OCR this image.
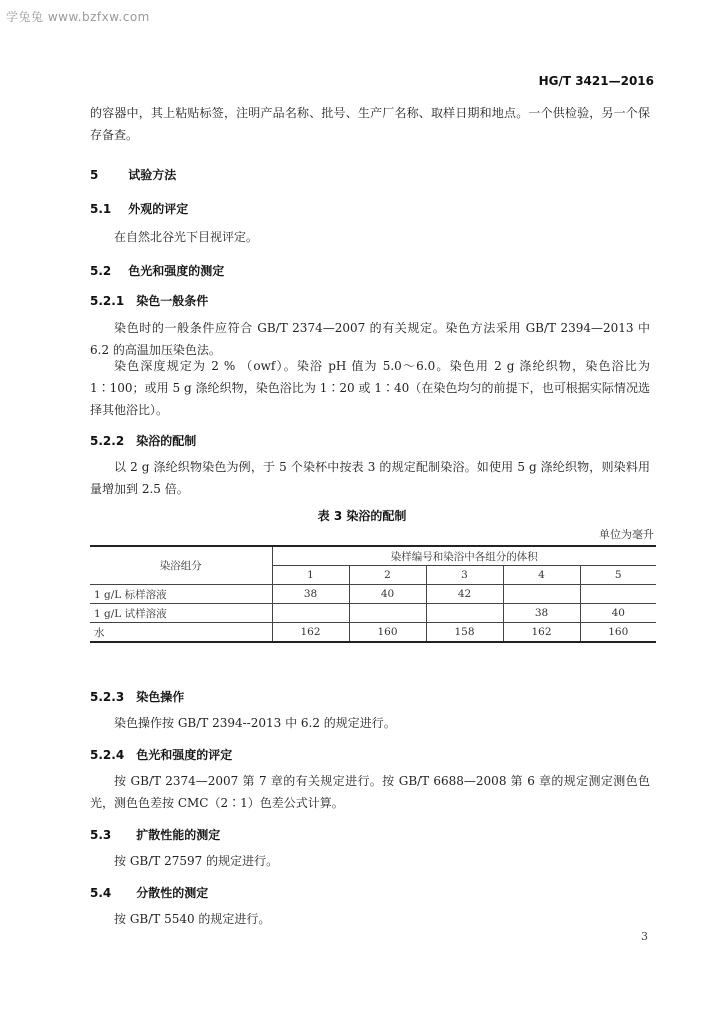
学兔兔 www.bzfxw.com
HG/T 3421—2016
的容器中，其上粘贴标签，注明产品名称、批号、生产厂名称、取样日期和地点。一个供检验，另一个保存备查。
5 试验方法
5.1 外观的评定
在自然北谷光下目视评定。
5.2 色光和强度的测定
5.2.1 染色一般条件
染色时的一般条件应符合 GB/T 2374—2007 的有关规定。染色方法采用 GB/T 2394—2013 中 6.2 的高温加压染色法。
染色深度规定为 2 % （owf）。染浴 pH 值为 5.0～6.0。染色用 2 g 涤纶织物，染色浴比为 1∶100；或用 5 g 涤纶织物，染色浴比为 1∶20 或 1∶40（在染色均匀的前提下，也可根据实际情况选择其他浴比）。
5.2.2 染浴的配制
以 2 g 涤纶织物染色为例，于 5 个染杯中按表 3 的规定配制染浴。如使用 5 g 涤纶织物，则染料用量增加到 2.5 倍。
表 3 染浴的配制
单位为毫升
染浴组分	染样编号和染浴中各组分的体积				
	1	2	3	4	5
1 g/L 标样溶液	38	40	42		
1 g/L 试样溶液				38	40
水	162	160	158	162	160
5.2.3 染色操作
染色操作按 GB/T 2394--2013 中 6.2 的规定进行。
5.2.4 色光和强度的评定
按 GB/T 2374—2007 第 7 章的有关规定进行。按 GB/T 6688—2008 第 6 章的规定测定测色色光，测色色差按 CMC（2∶1）色差公式计算。
5.3 扩散性能的测定
按 GB/T 27597 的规定进行。
5.4 分散性的测定
按 GB/T 5540 的规定进行。
3
